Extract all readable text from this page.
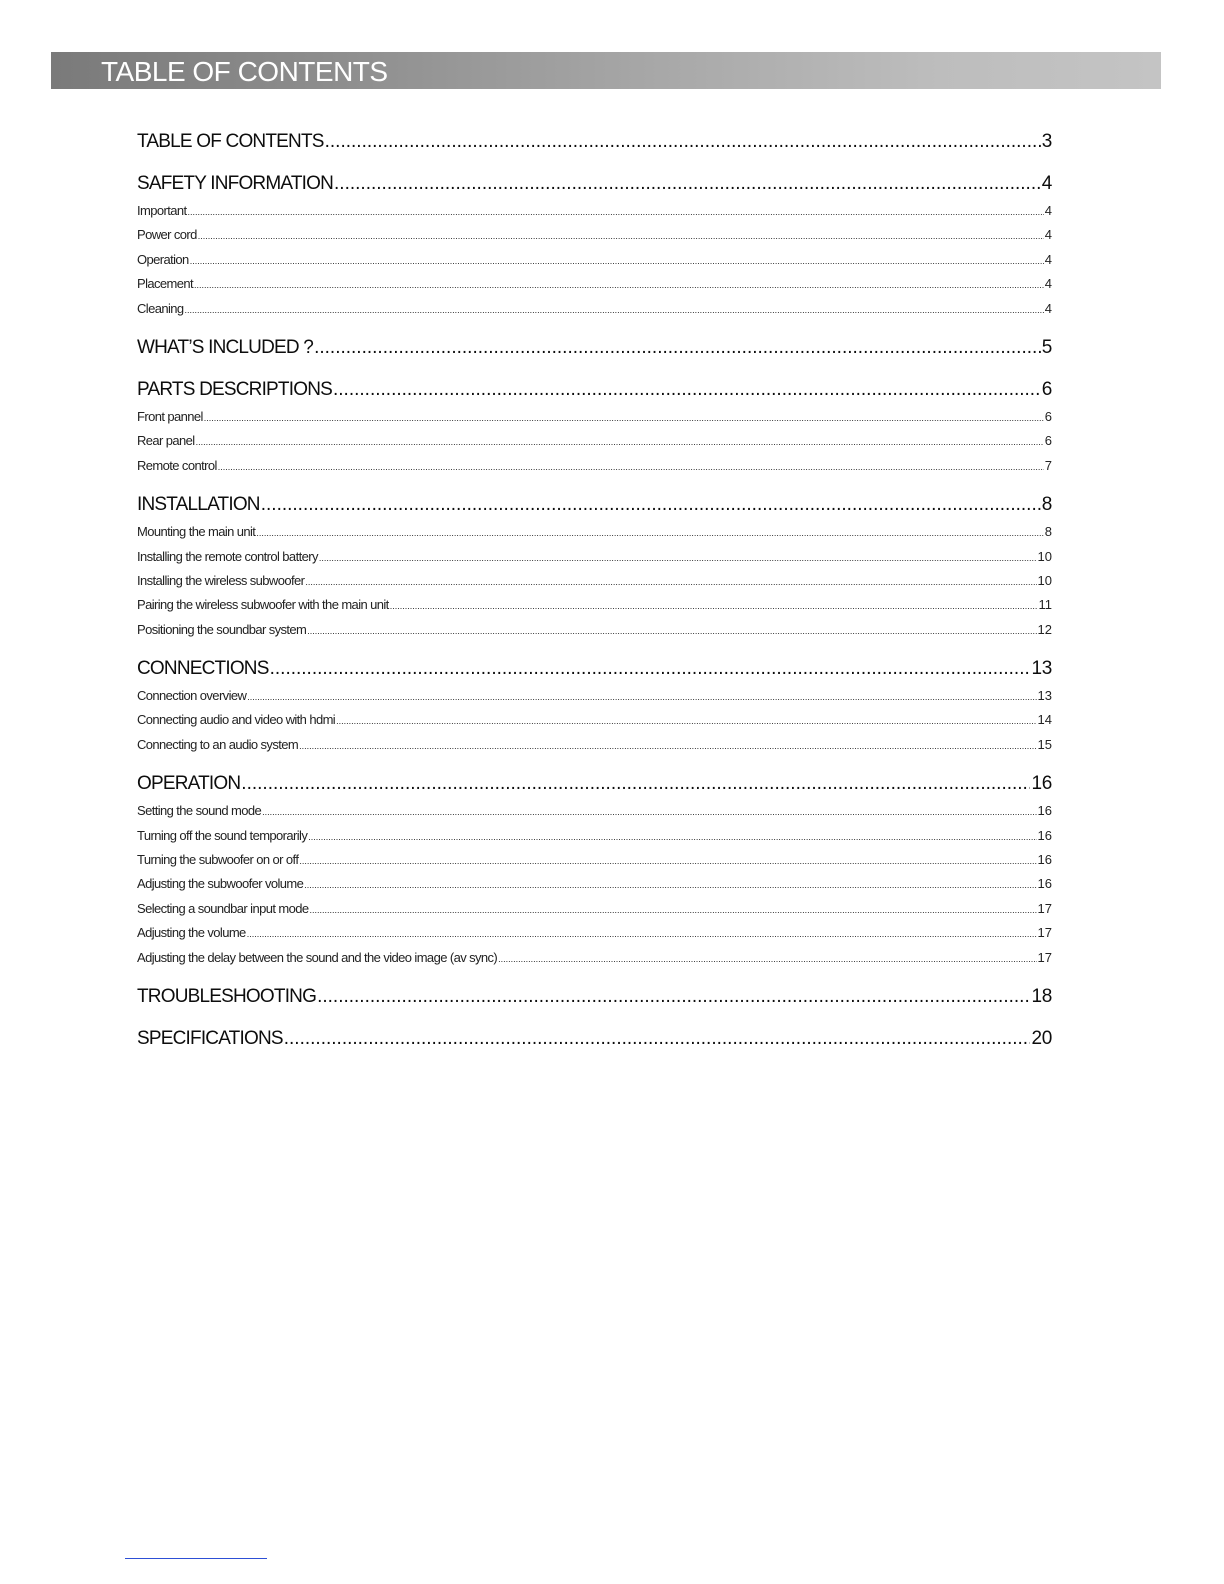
TABLE OF CONTENTS
TABLE OF CONTENTS .....	3
SAFETY INFORMATION .....	4
Important .....	4
Power cord .....	4
Operation .....	4
Placement .....	4
Cleaning .....	4
WHAT’S INCLUDED ? .....	5
PARTS DESCRIPTIONS .....	6
Front pannel .....	6
Rear panel .....	6
Remote control .....	7
INSTALLATION .....	8
Mounting the main unit .....	8
Installing the remote control battery .....	10
Installing the wireless subwoofer .....	10
Pairing the wireless subwoofer with the main unit .....	11
Positioning the soundbar system .....	12
CONNECTIONS .....	13
Connection overview .....	13
Connecting audio and video with hdmi .....	14
Connecting to an audio system .....	15
OPERATION .....	16
Setting the sound mode .....	16
Turning off the sound temporarily .....	16
Turning the subwoofer on or off .....	16
Adjusting the subwoofer volume .....	16
Selecting a soundbar input mode .....	17
Adjusting the volume .....	17
Adjusting the delay between the sound and the video image (av sync) .....	17
TROUBLESHOOTING .....	18
SPECIFICATIONS .....	20
